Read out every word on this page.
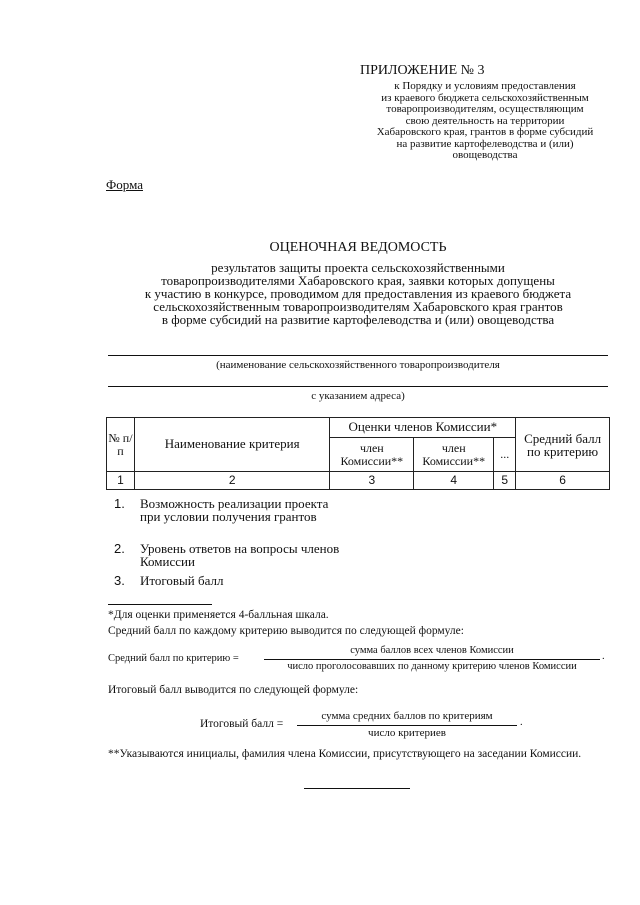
ПРИЛОЖЕНИЕ № 3
к Порядку и условиям предоставления
из краевого бюджета сельскохозяйственным
товаропроизводителям, осуществляющим
свою деятельность на территории
Хабаровского края, грантов в форме субсидий
на развитие картофелеводства и (или)
овощеводства
Форма
ОЦЕНОЧНАЯ ВЕДОМОСТЬ
результатов защиты проекта сельскохозяйственными
товаропроизводителями Хабаровского края, заявки которых допущены
к участию в конкурсе, проводимом для предоставления из краевого бюджета
сельскохозяйственным товаропроизводителям Хабаровского края грантов
в форме субсидий на развитие картофелеводства и (или) овощеводства
(наименование сельскохозяйственного товаропроизводителя
с указанием адреса)
№ п/п	Наименование критерия	Оценки членов Комиссии*			Средний балл по критерию
		член Комиссии**	член Комиссии**	...	
1	2	3	4	5	6
1. Возможность реализации проекта при условии получения грантов
2. Уровень ответов на вопросы членов Комиссии
3. Итоговый балл
*Для оценки применяется 4-балльная шкала.
Средний балл по каждому критерию выводится по следующей формуле:
Средний балл по критерию =
сумма баллов всех членов Комиссии
число проголосовавших по данному критерию членов Комиссии
.
Итоговый балл выводится по следующей формуле:
Итоговый балл =
сумма средних баллов по критериям
число критериев
.
**Указываются инициалы, фамилия члена Комиссии, присутствующего на заседании Комиссии.
